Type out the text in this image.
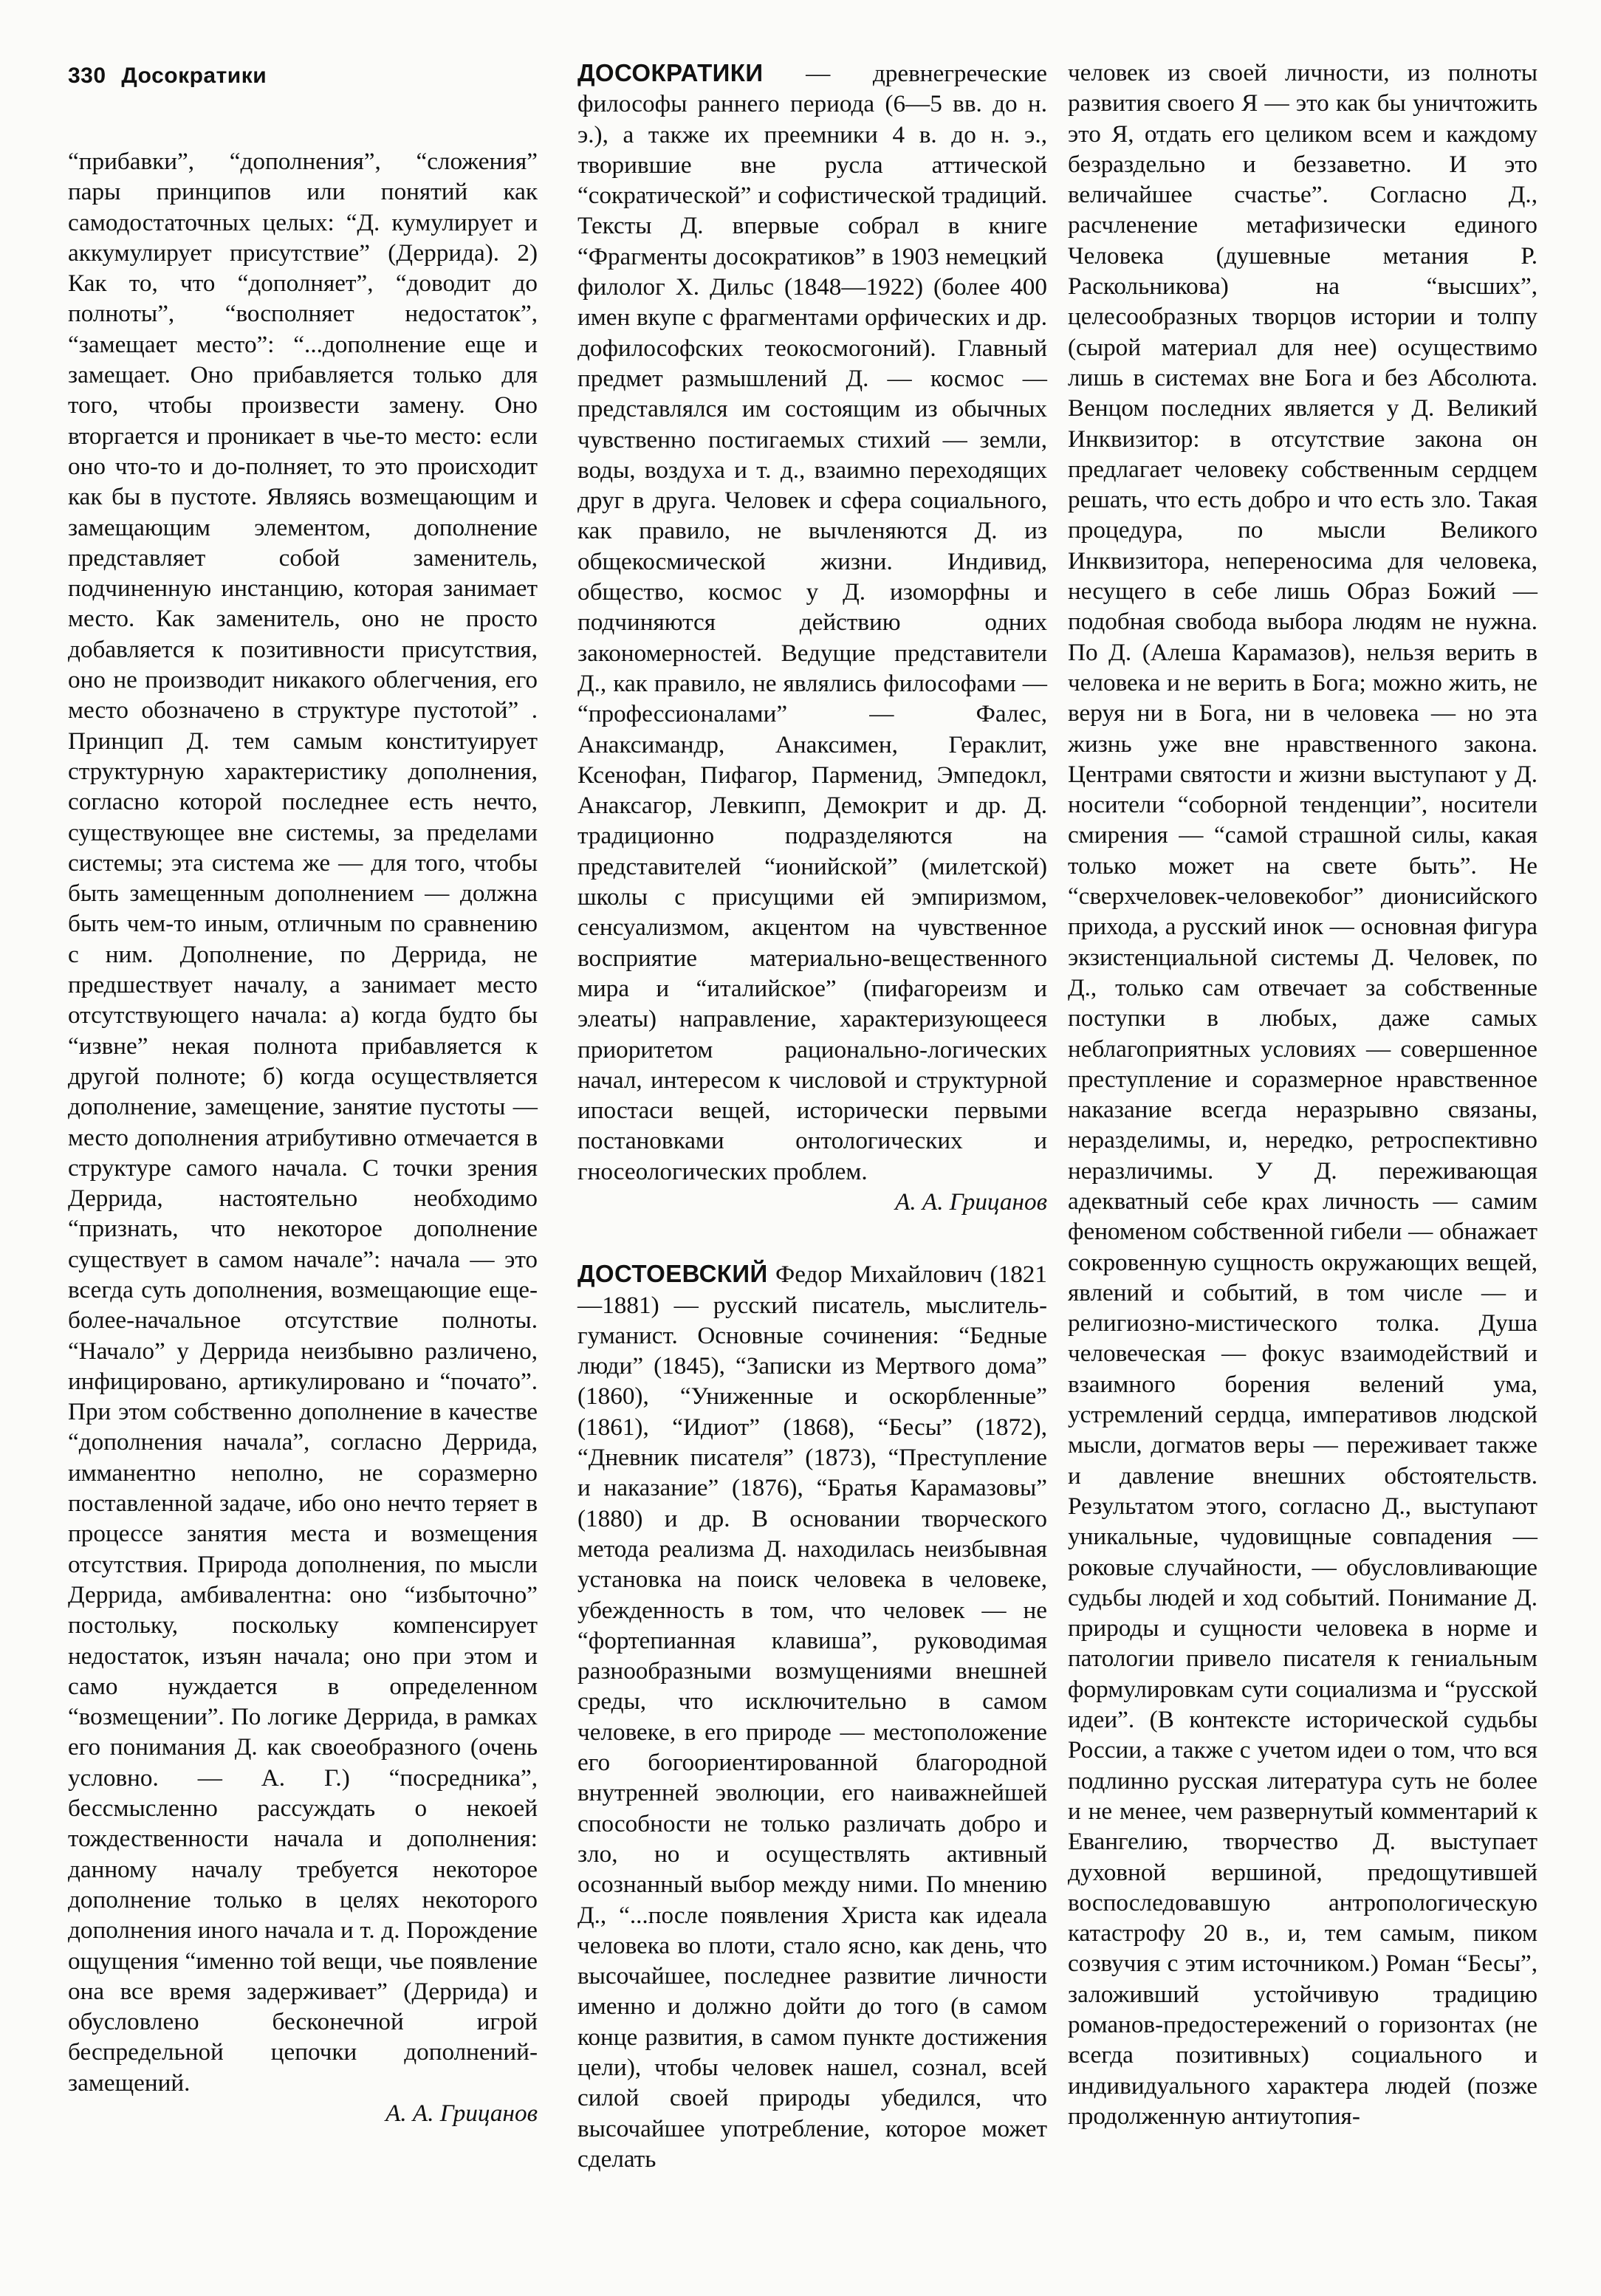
330 Досократики

“прибавки”, “дополнения”, “сложения” пары принципов или понятий как самодостаточных целых: “Д. кумулирует и аккумулирует присутствие” (Деррида). 2) Как то, что “дополняет”, “доводит до полноты”, “восполняет недостаток”, “замещает место”: “...дополнение еще и замещает. Оно прибавляется только для того, чтобы произвести замену. Оно вторгается и проникает в чье-то место: если оно что-то и до-полняет, то это происходит как бы в пустоте. Являясь возмещающим и замещающим элементом, дополнение представляет собой заменитель, подчиненную инстанцию, которая занимает место. Как заменитель, оно не просто добавляется к позитивности присутствия, оно не производит никакого облегчения, его место обозначено в структуре пустотой” . Принцип Д. тем самым конституирует структурную характеристику дополнения, согласно которой последнее есть нечто, существующее вне системы, за пределами системы; эта система же — для того, чтобы быть замещенным дополнением — должна быть чем-то иным, отличным по сравнению с ним. Дополнение, по Деррида, не предшествует началу, а занимает место отсутствующего начала: а) когда будто бы “извне” некая полнота прибавляется к другой полноте; б) когда осуществляется дополнение, замещение, занятие пустоты — место дополнения атрибутивно отмечается в структуре самого начала. С точки зрения Деррида, настоятельно необходимо “признать, что некоторое дополнение существует в самом начале”: начала — это всегда суть дополнения, возмещающие еще-более-начальное отсутствие полноты. “Начало” у Деррида неизбывно различено, инфицировано, артикулировано и “почато”. При этом собственно дополнение в качестве “дополнения начала”, согласно Деррида, имманентно неполно, не соразмерно поставленной задаче, ибо оно нечто теряет в процессе занятия места и возмещения отсутствия. Природа дополнения, по мысли Деррида, амбивалентна: оно “избыточно” постольку, поскольку компенсирует недостаток, изъян начала; оно при этом и само нуждается в определенном “возмещении”. По логике Деррида, в рамках его понимания Д. как своеобразного (очень условно. — А. Г.) “посредника”, бессмысленно рассуждать о некоей тождественности начала и дополнения: данному началу требуется некоторое дополнение только в целях некоторого дополнения иного начала и т. д. Порождение ощущения “именно той вещи, чье появление она все время задерживает” (Деррида) и обусловлено бесконечной игрой беспредельной цепочки дополнений-замещений.

А. А. Грицанов

ДОСОКРАТИКИ — древнегреческие философы раннего периода (6—5 вв. до н. э.), а также их преемники 4 в. до н. э., творившие вне русла аттической “сократической” и софистической традиций. Тексты Д. впервые собрал в книге “Фрагменты досократиков” в 1903 немецкий филолог X. Дильс (1848—1922) (более 400 имен вкупе с фрагментами орфических и др. дофилософских теокосмогоний). Главный предмет размышлений Д. — космос — представлялся им состоящим из обычных чувственно постигаемых стихий — земли, воды, воздуха и т. д., взаимно переходящих друг в друга. Человек и сфера социального, как правило, не вычленяются Д. из общекосмической жизни. Индивид, общество, космос у Д. изоморфны и подчиняются действию одних закономерностей. Ведущие представители Д., как правило, не являлись философами — “профессионалами” — Фалес, Анаксимандр, Анаксимен, Гераклит, Ксенофан, Пифагор, Парменид, Эмпедокл, Анаксагор, Левкипп, Демокрит и др. Д. традиционно подразделяются на представителей “ионийской” (милетской) школы с присущими ей эмпиризмом, сенсуализмом, акцентом на чувственное восприятие материально-вещественного мира и “италийское” (пифагореизм и элеаты) направление, характеризующееся приоритетом рационально-логических начал, интересом к числовой и структурной ипостаси вещей, исторически первыми постановками онтологических и гносеологических проблем.

А. А. Грицанов

ДОСТОЕВСКИЙ Федор Михайлович (1821—1881) — русский писатель, мыслитель-гуманист. Основные сочинения: “Бедные люди” (1845), “Записки из Мертвого дома” (1860), “Униженные и оскорбленные” (1861), “Идиот” (1868), “Бесы” (1872), “Дневник писателя” (1873), “Преступление и наказание” (1876), “Братья Карамазовы” (1880) и др. В основании творческого метода реализма Д. находилась неизбывная установка на поиск человека в человеке, убежденность в том, что человек — не “фортепианная клавиша”, руководимая разнообразными возмущениями внешней среды, что исключительно в самом человеке, в его природе — местоположение его богоориентированной благородной внутренней эволюции, его наиважнейшей способности не только различать добро и зло, но и осуществлять активный осознанный выбор между ними. По мнению Д., “...после появления Христа как идеала человека во плоти, стало ясно, как день, что высочайшее, последнее развитие личности именно и должно дойти до того (в самом конце развития, в самом пункте достижения цели), чтобы человек нашел, сознал, всей силой своей природы убедился, что высочайшее употребление, которое может сделать

человек из своей личности, из полноты развития своего Я — это как бы уничтожить это Я, отдать его целиком всем и каждому безраздельно и беззаветно. И это величайшее счастье”. Согласно Д., расчленение метафизически единого Человека (душевные метания Р. Раскольникова) на “высших”, целесообразных творцов истории и толпу (сырой материал для нее) осуществимо лишь в системах вне Бога и без Абсолюта. Венцом последних является у Д. Великий Инквизитор: в отсутствие закона он предлагает человеку собственным сердцем решать, что есть добро и что есть зло. Такая процедура, по мысли Великого Инквизитора, непереносима для человека, несущего в себе лишь Образ Божий — подобная свобода выбора людям не нужна. По Д. (Алеша Карамазов), нельзя верить в человека и не верить в Бога; можно жить, не веруя ни в Бога, ни в человека — но эта жизнь уже вне нравственного закона. Центрами святости и жизни выступают у Д. носители “соборной тенденции”, носители смирения — “самой страшной силы, какая только может на свете быть”. Не “сверхчеловек-человекобог” дионисийского прихода, а русский инок — основная фигура экзистенциальной системы Д. Человек, по Д., только сам отвечает за собственные поступки в любых, даже самых неблагоприятных условиях — совершенное преступление и соразмерное нравственное наказание всегда неразрывно связаны, неразделимы, и, нередко, ретроспективно неразличимы. У Д. переживающая адекватный себе крах личность — самим феноменом собственной гибели — обнажает сокровенную сущность окружающих вещей, явлений и событий, в том числе — и религиозно-мистического толка. Душа человеческая — фокус взаимодействий и взаимного борения велений ума, устремлений сердца, императивов людской мысли, догматов веры — переживает также и давление внешних обстоятельств. Результатом этого, согласно Д., выступают уникальные, чудовищные совпадения — роковые случайности, — обусловливающие судьбы людей и ход событий. Понимание Д. природы и сущности человека в норме и патологии привело писателя к гениальным формулировкам сути социализма и “русской идеи”. (В контексте исторической судьбы России, а также с учетом идеи о том, что вся подлинно русская литература суть не более и не менее, чем развернутый комментарий к Евангелию, творчество Д. выступает духовной вершиной, предощутившей воспоследовавшую антропологическую катастрофу 20 в., и, тем самым, пиком созвучия с этим источником.) Роман “Бесы”, заложивший устойчивую традицию романов-предостережений о горизонтах (не всегда позитивных) социального и индивидуального характера людей (позже продолженную антиутопия-
